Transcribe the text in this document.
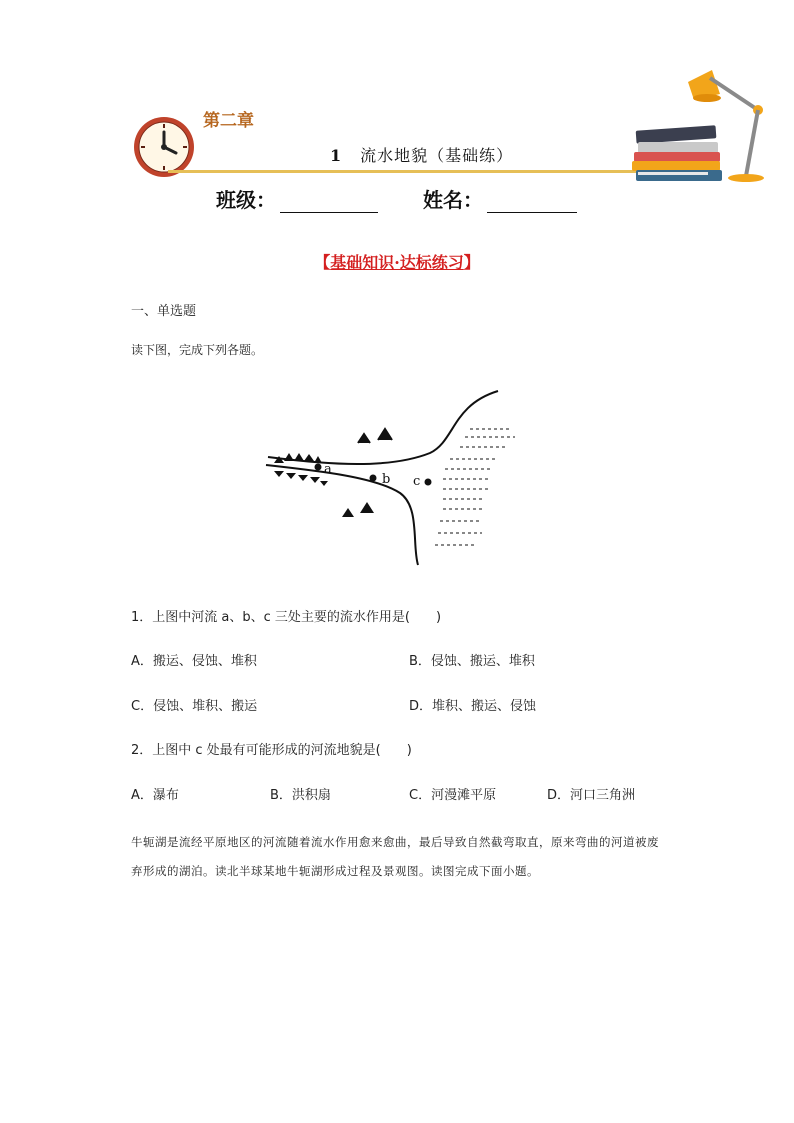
第二章
1 流水地貌（基础练）
班级：	姓名：
【基础知识·达标练习】
一、单选题
读下图，完成下列各题。
a
b c
1．上图中河流 a、b、c 三处主要的流水作用是(　　)
A．搬运、侵蚀、堆积	B．侵蚀、搬运、堆积
C．侵蚀、堆积、搬运	D．堆积、搬运、侵蚀
2．上图中 c 处最有可能形成的河流地貌是(　　)
A．瀑布	B．洪积扇	C．河漫滩平原	D．河口三角洲
牛轭湖是流经平原地区的河流随着流水作用愈来愈曲，最后导致自然截弯取直，原来弯曲的河道被废弃形成的湖泊。读北半球某地牛轭湖形成过程及景观图。读图完成下面小题。
